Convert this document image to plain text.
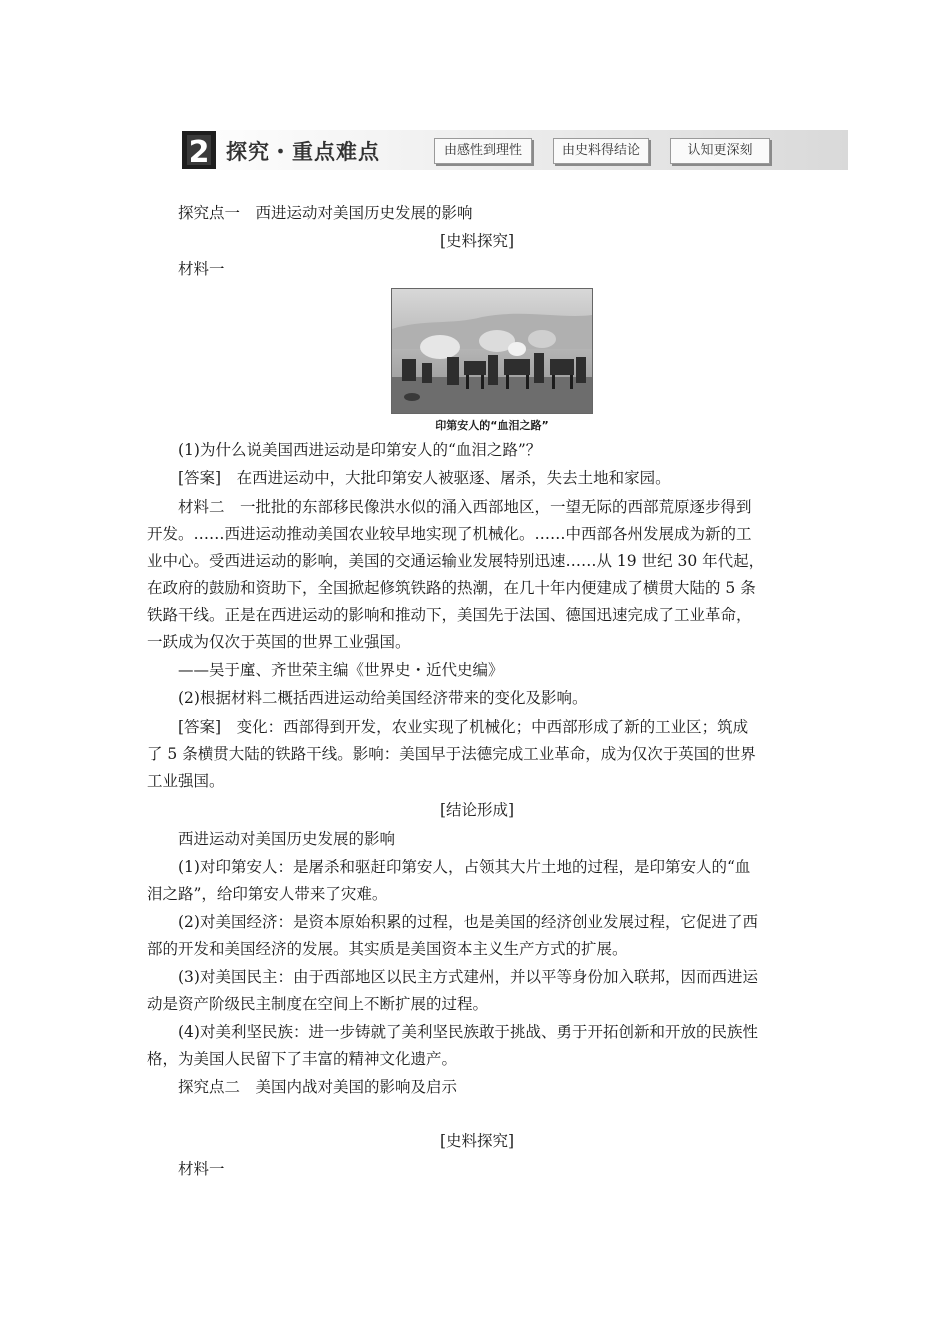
2 探究・重点难点	由感性到理性	由史料得结论	认知更深刻
探究点一　西进运动对美国历史发展的影响
[史料探究]
材料一
印第安人的“血泪之路”
(1)为什么说美国西进运动是印第安人的“血泪之路”？
[答案]　在西进运动中，大批印第安人被驱逐、屠杀，失去土地和家园。
材料二　一批批的东部移民像洪水似的涌入西部地区，一望无际的西部荒原逐步得到
开发。……西进运动推动美国农业较早地实现了机械化。……中西部各州发展成为新的工
业中心。受西进运动的影响，美国的交通运输业发展特别迅速……从 19 世纪 30 年代起，
在政府的鼓励和资助下，全国掀起修筑铁路的热潮，在几十年内便建成了横贯大陆的 5 条
铁路干线。正是在西进运动的影响和推动下，美国先于法国、德国迅速完成了工业革命，
一跃成为仅次于英国的世界工业强国。
——吴于廑、齐世荣主编《世界史・近代史编》
(2)根据材料二概括西进运动给美国经济带来的变化及影响。
[答案]　变化：西部得到开发，农业实现了机械化；中西部形成了新的工业区；筑成
了 5 条横贯大陆的铁路干线。影响：美国早于法德完成工业革命，成为仅次于英国的世界
工业强国。
[结论形成]
西进运动对美国历史发展的影响
(1)对印第安人：是屠杀和驱赶印第安人，占领其大片土地的过程，是印第安人的“血
泪之路”，给印第安人带来了灾难。
(2)对美国经济：是资本原始积累的过程，也是美国的经济创业发展过程，它促进了西
部的开发和美国经济的发展。其实质是美国资本主义生产方式的扩展。
(3)对美国民主：由于西部地区以民主方式建州，并以平等身份加入联邦，因而西进运
动是资产阶级民主制度在空间上不断扩展的过程。
(4)对美利坚民族：进一步铸就了美利坚民族敢于挑战、勇于开拓创新和开放的民族性
格，为美国人民留下了丰富的精神文化遗产。
探究点二　美国内战对美国的影响及启示
[史料探究]
材料一
